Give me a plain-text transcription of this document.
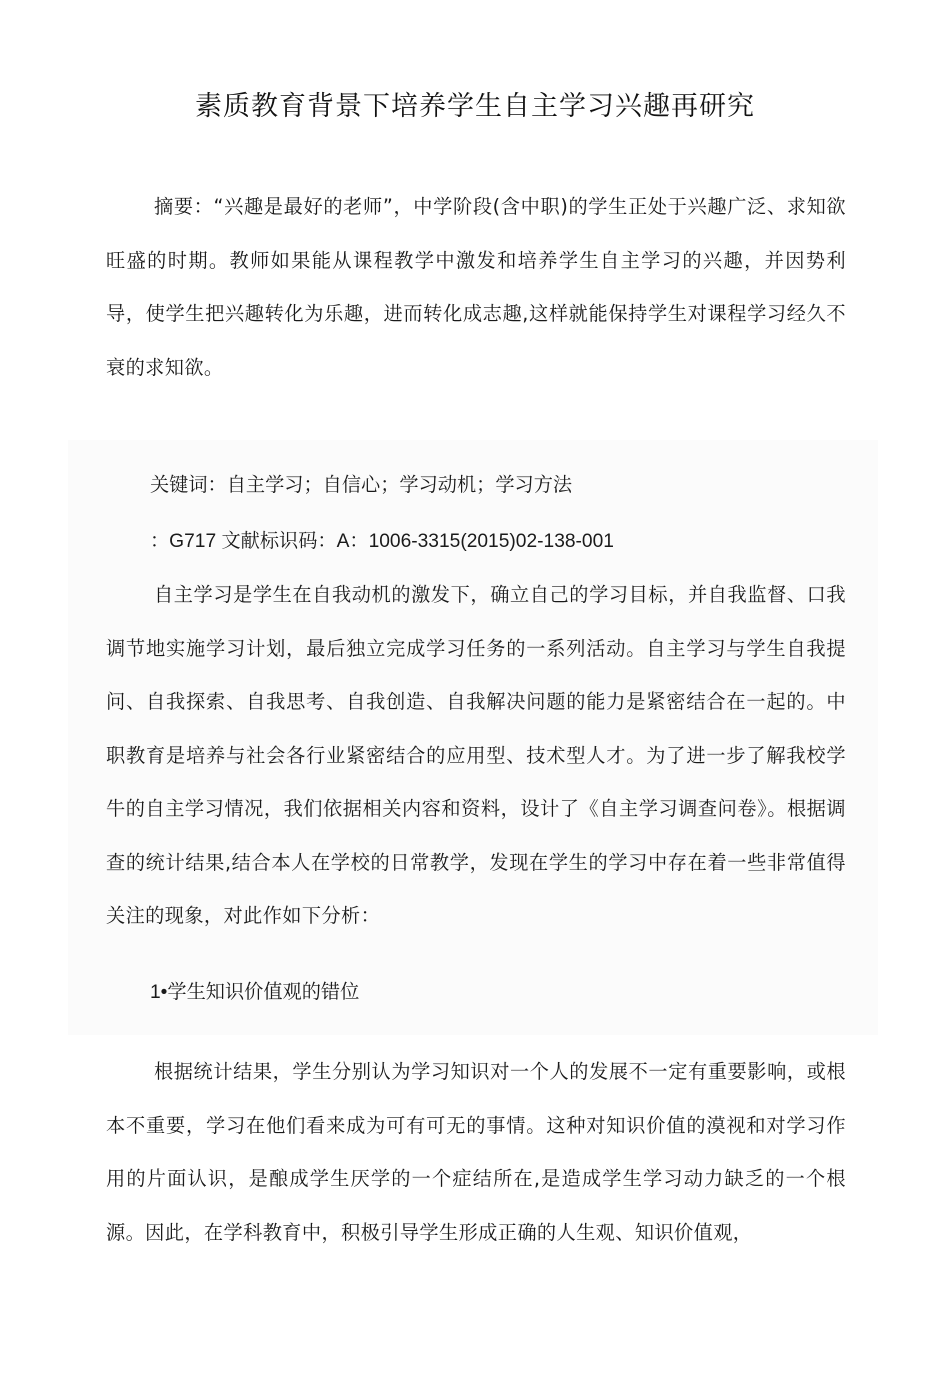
素质教育背景下培养学生自主学习兴趣再研究
摘要：“兴趣是最好的老师”，中学阶段(含中职)的学生正处于兴趣广泛、求知欲旺盛的时期。教师如果能从课程教学中激发和培养学生自主学习的兴趣，并因势利导，使学生把兴趣转化为乐趣，进而转化成志趣,这样就能保持学生对课程学习经久不衰的求知欲。
关键词：自主学习；自信心；学习动机；学习方法
：G717 文献标识码：A：1006-3315(2015)02-138-001
自主学习是学生在自我动机的激发下，确立自己的学习目标，并自我监督、口我调节地实施学习计划，最后独立完成学习任务的一系列活动。自主学习与学生自我提问、自我探索、自我思考、自我创造、自我解决问题的能力是紧密结合在一起的。中职教育是培养与社会各行业紧密结合的应用型、技术型人才。为了进一步了解我校学牛的自主学习情况，我们依据相关内容和资料，设计了《自主学习调查问卷》。根据调查的统计结果,结合本人在学校的日常教学，发现在学生的学习中存在着一些非常值得关注的现象，对此作如下分析：
1•学生知识价值观的错位
根据统计结果，学生分别认为学习知识对一个人的发展不一定有重要影响，或根本不重要，学习在他们看来成为可有可无的事情。这种对知识价值的漠视和对学习作用的片面认识，是酿成学生厌学的一个症结所在,是造成学生学习动力缺乏的一个根源。因此，在学科教育中，积极引导学生形成正确的人生观、知识价值观，
